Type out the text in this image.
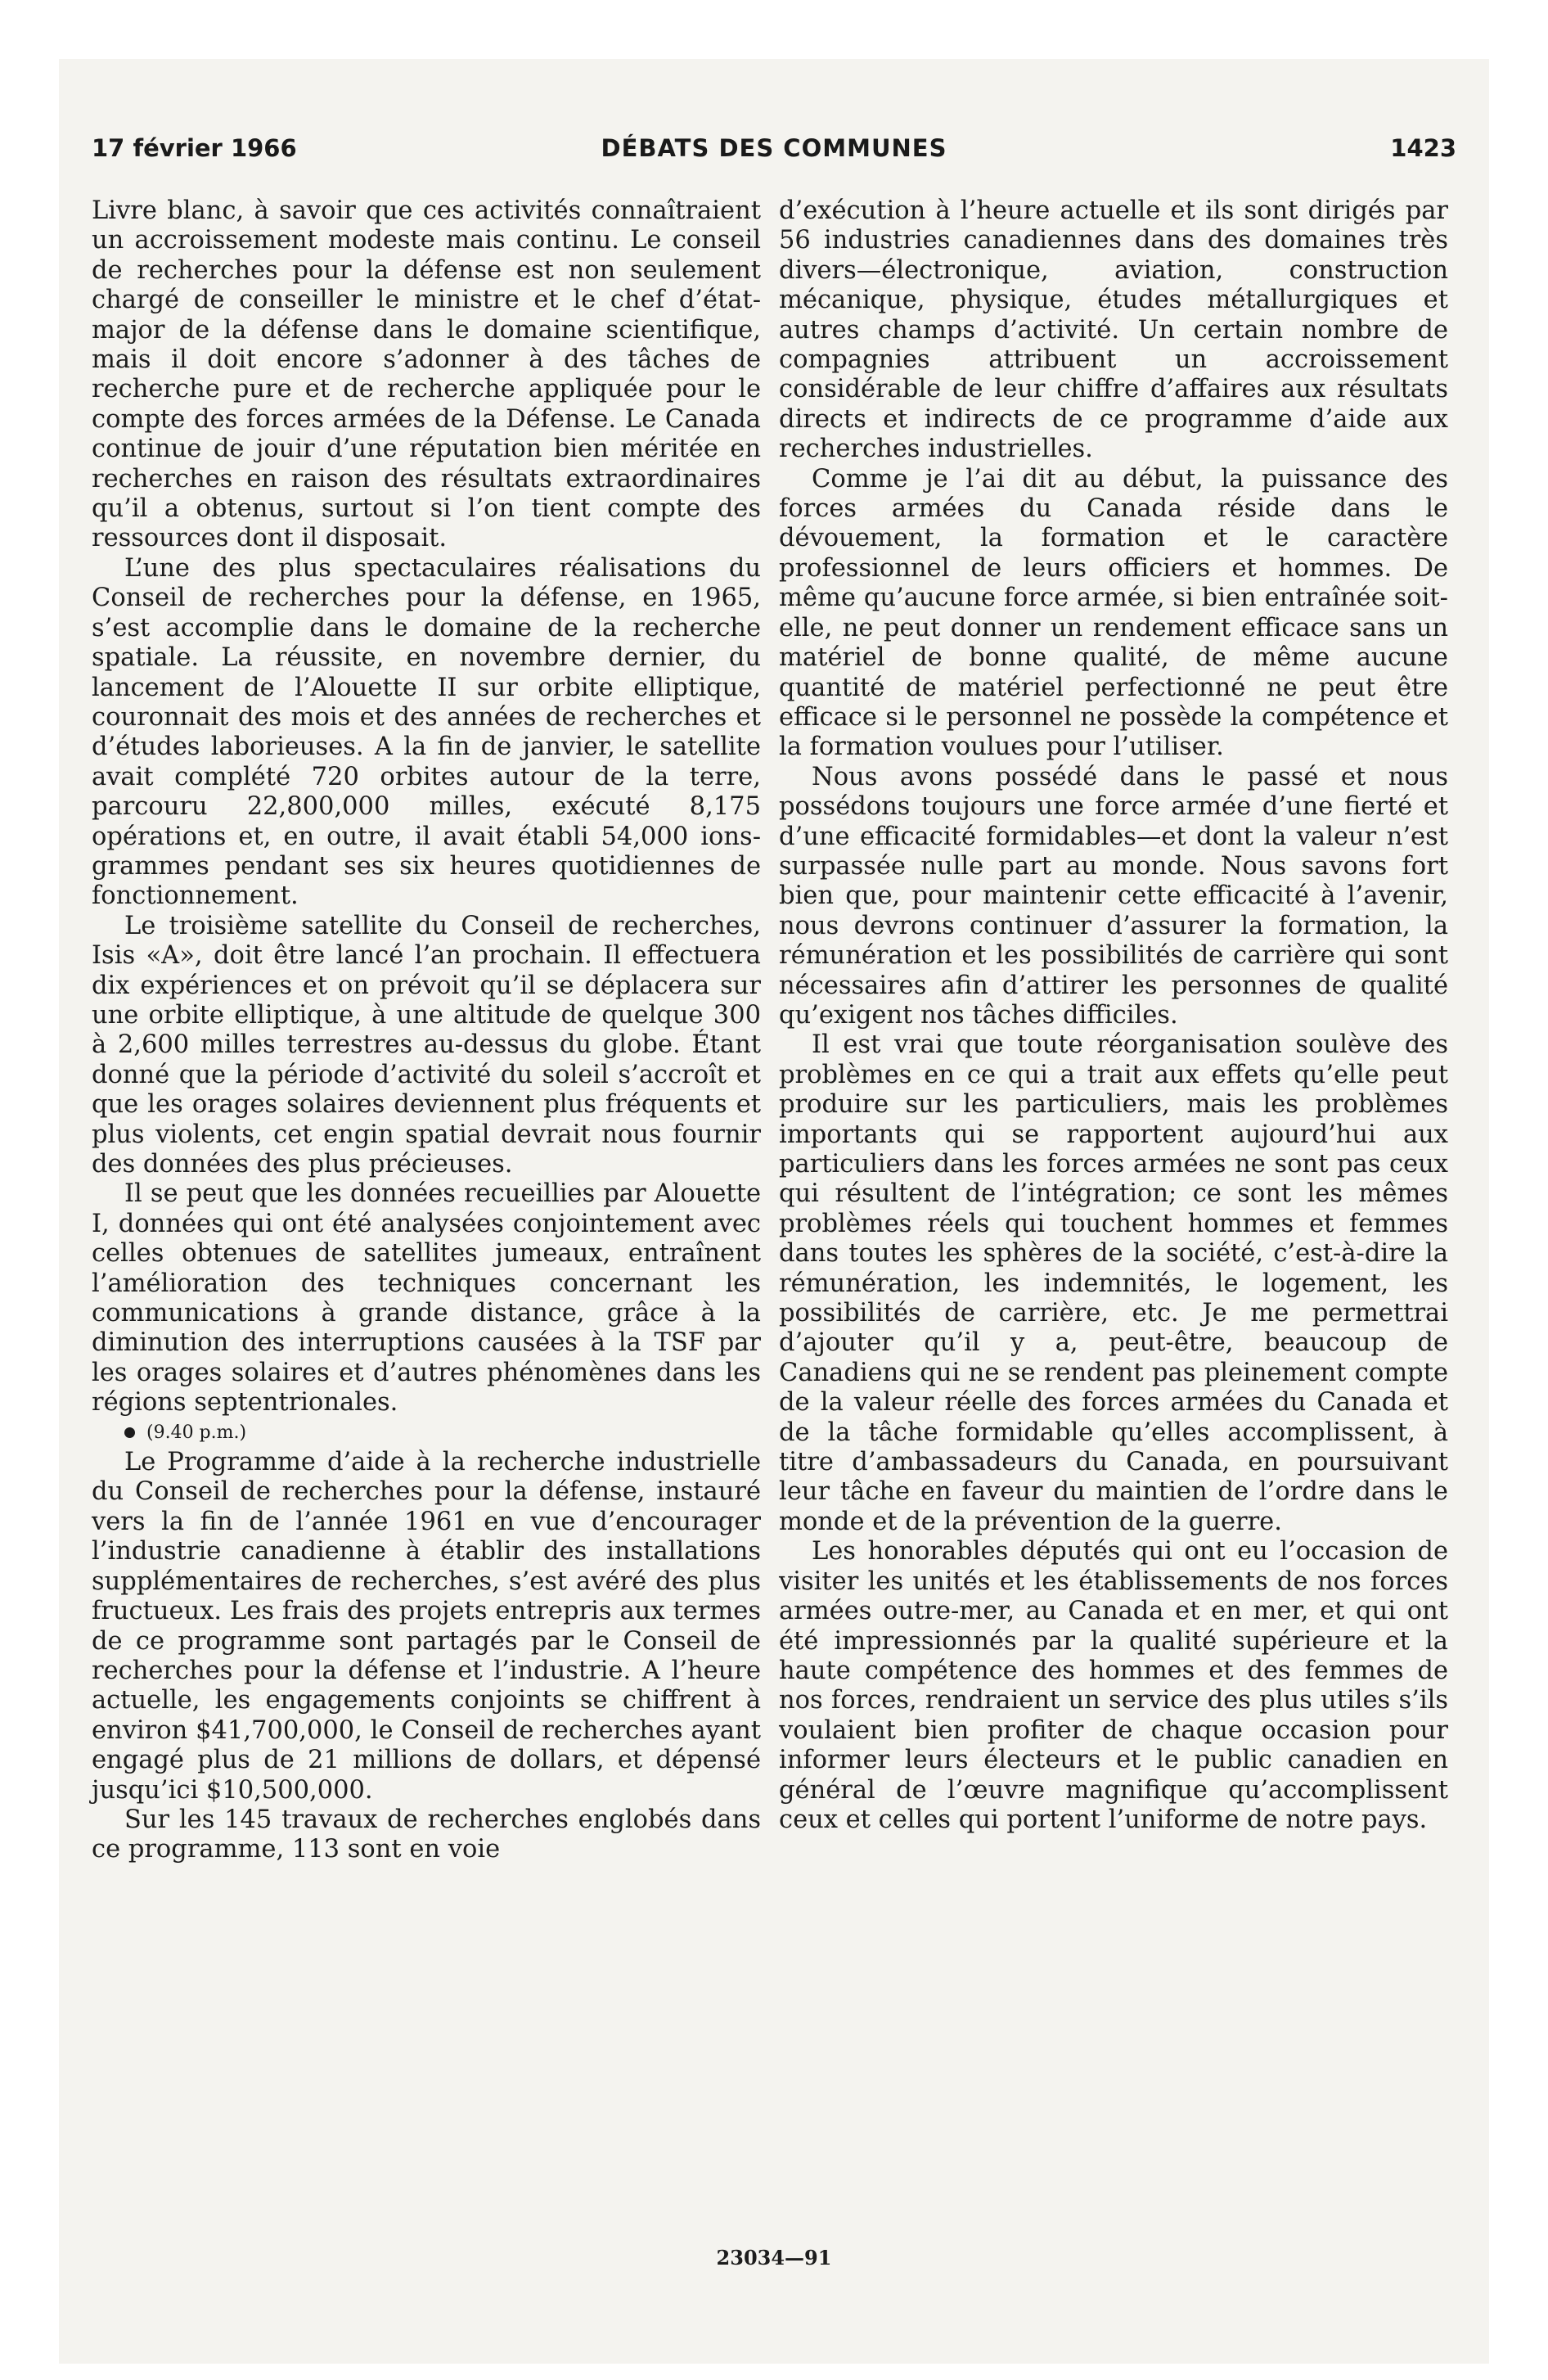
17 février 1966	DÉBATS DES COMMUNES	1423

Livre blanc, à savoir que ces activités connaîtraient un accroissement modeste mais continu. Le conseil de recherches pour la défense est non seulement chargé de conseiller le ministre et le chef d’état-major de la défense dans le domaine scientifique, mais il doit encore s’adonner à des tâches de recherche pure et de recherche appliquée pour le compte des forces armées de la Défense. Le Canada continue de jouir d’une réputation bien méritée en recherches en raison des résultats extraordinaires qu’il a obtenus, surtout si l’on tient compte des ressources dont il disposait.

L’une des plus spectaculaires réalisations du Conseil de recherches pour la défense, en 1965, s’est accomplie dans le domaine de la recherche spatiale. La réussite, en novembre dernier, du lancement de l’Alouette II sur orbite elliptique, couronnait des mois et des années de recherches et d’études laborieuses. A la fin de janvier, le satellite avait complété 720 orbites autour de la terre, parcouru 22,800,000 milles, exécuté 8,175 opérations et, en outre, il avait établi 54,000 ions-grammes pendant ses six heures quotidiennes de fonctionnement.

Le troisième satellite du Conseil de recherches, Isis «A», doit être lancé l’an prochain. Il effectuera dix expériences et on prévoit qu’il se déplacera sur une orbite elliptique, à une altitude de quelque 300 à 2,600 milles terrestres au-dessus du globe. Étant donné que la période d’activité du soleil s’accroît et que les orages solaires deviennent plus fréquents et plus violents, cet engin spatial devrait nous fournir des données des plus précieuses.

Il se peut que les données recueillies par Alouette I, données qui ont été analysées conjointement avec celles obtenues de satellites jumeaux, entraînent l’amélioration des techniques concernant les communications à grande distance, grâce à la diminution des interruptions causées à la TSF par les orages solaires et d’autres phénomènes dans les régions septentrionales.

(9.40 p.m.)

Le Programme d’aide à la recherche industrielle du Conseil de recherches pour la défense, instauré vers la fin de l’année 1961 en vue d’encourager l’industrie canadienne à établir des installations supplémentaires de recherches, s’est avéré des plus fructueux. Les frais des projets entrepris aux termes de ce programme sont partagés par le Conseil de recherches pour la défense et l’industrie. A l’heure actuelle, les engagements conjoints se chiffrent à environ $41,700,000, le Conseil de recherches ayant engagé plus de 21 millions de dollars, et dépensé jusqu’ici $10,500,000.

Sur les 145 travaux de recherches englobés dans ce programme, 113 sont en voie

d’exécution à l’heure actuelle et ils sont dirigés par 56 industries canadiennes dans des domaines très divers—électronique, aviation, construction mécanique, physique, études métallurgiques et autres champs d’activité. Un certain nombre de compagnies attribuent un accroissement considérable de leur chiffre d’affaires aux résultats directs et indirects de ce programme d’aide aux recherches industrielles.

Comme je l’ai dit au début, la puissance des forces armées du Canada réside dans le dévouement, la formation et le caractère professionnel de leurs officiers et hommes. De même qu’aucune force armée, si bien entraînée soit-elle, ne peut donner un rendement efficace sans un matériel de bonne qualité, de même aucune quantité de matériel perfectionné ne peut être efficace si le personnel ne possède la compétence et la formation voulues pour l’utiliser.

Nous avons possédé dans le passé et nous possédons toujours une force armée d’une fierté et d’une efficacité formidables—et dont la valeur n’est surpassée nulle part au monde. Nous savons fort bien que, pour maintenir cette efficacité à l’avenir, nous devrons continuer d’assurer la formation, la rémunération et les possibilités de carrière qui sont nécessaires afin d’attirer les personnes de qualité qu’exigent nos tâches difficiles.

Il est vrai que toute réorganisation soulève des problèmes en ce qui a trait aux effets qu’elle peut produire sur les particuliers, mais les problèmes importants qui se rapportent aujourd’hui aux particuliers dans les forces armées ne sont pas ceux qui résultent de l’intégration; ce sont les mêmes problèmes réels qui touchent hommes et femmes dans toutes les sphères de la société, c’est-à-dire la rémunération, les indemnités, le logement, les possibilités de carrière, etc. Je me permettrai d’ajouter qu’il y a, peut-être, beaucoup de Canadiens qui ne se rendent pas pleinement compte de la valeur réelle des forces armées du Canada et de la tâche formidable qu’elles accomplissent, à titre d’ambassadeurs du Canada, en poursuivant leur tâche en faveur du maintien de l’ordre dans le monde et de la prévention de la guerre.

Les honorables députés qui ont eu l’occasion de visiter les unités et les établissements de nos forces armées outre-mer, au Canada et en mer, et qui ont été impressionnés par la qualité supérieure et la haute compétence des hommes et des femmes de nos forces, rendraient un service des plus utiles s’ils voulaient bien profiter de chaque occasion pour informer leurs électeurs et le public canadien en général de l’œuvre magnifique qu’accomplissent ceux et celles qui portent l’uniforme de notre pays.

23034—91
